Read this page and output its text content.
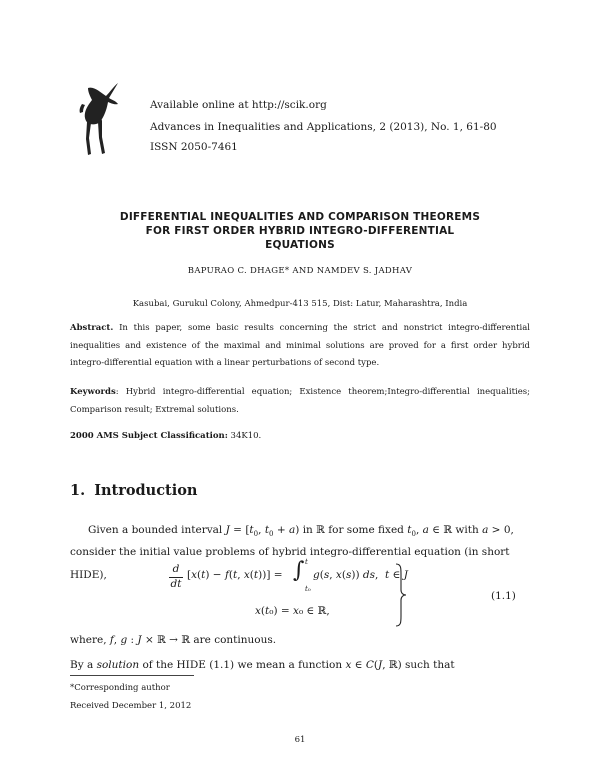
Available online at http://scik.org
Advances in Inequalities and Applications, 2 (2013), No. 1, 61-80
ISSN 2050-7461
DIFFERENTIAL INEQUALITIES AND COMPARISON THEOREMS
FOR FIRST ORDER HYBRID INTEGRO-DIFFERENTIAL
EQUATIONS
BAPURAO C. DHAGE* AND NAMDEV S. JADHAV
Kasubai, Gurukul Colony, Ahmedpur-413 515, Dist: Latur, Maharashtra, India
Abstract. In this paper, some basic results concerning the strict and nonstrict integro-differential inequalities and existence of the maximal and minimal solutions are proved for a first order hybrid integro-differential equation with a linear perturbations of second type.
Keywords: Hybrid integro-differential equation; Existence theorem;Integro-differential inequalities; Comparison result; Extremal solutions.
2000 AMS Subject Classification: 34K10.
1. Introduction
Given a bounded interval $J = [t_0$, $t_0 + a$) in ℝ for some fixed $t_0$, a ∈ ℝ with a > 0,
consider the initial value problems of hybrid integro-differential equation (in short HIDE),	d
dt
[x(t) − f(t, x(t))] = ∫ t
t₀
g(s, x(s)) ds,  t ∈ J
x(t₀) = x₀ ∈ ℝ,
(1.1)
where, f, g : J × ℝ → ℝ are continuous.
By a solution of the HIDE (1.1) we mean a function x ∈ C(J, ℝ) such that
*Corresponding author
Received December 1, 2012
61
